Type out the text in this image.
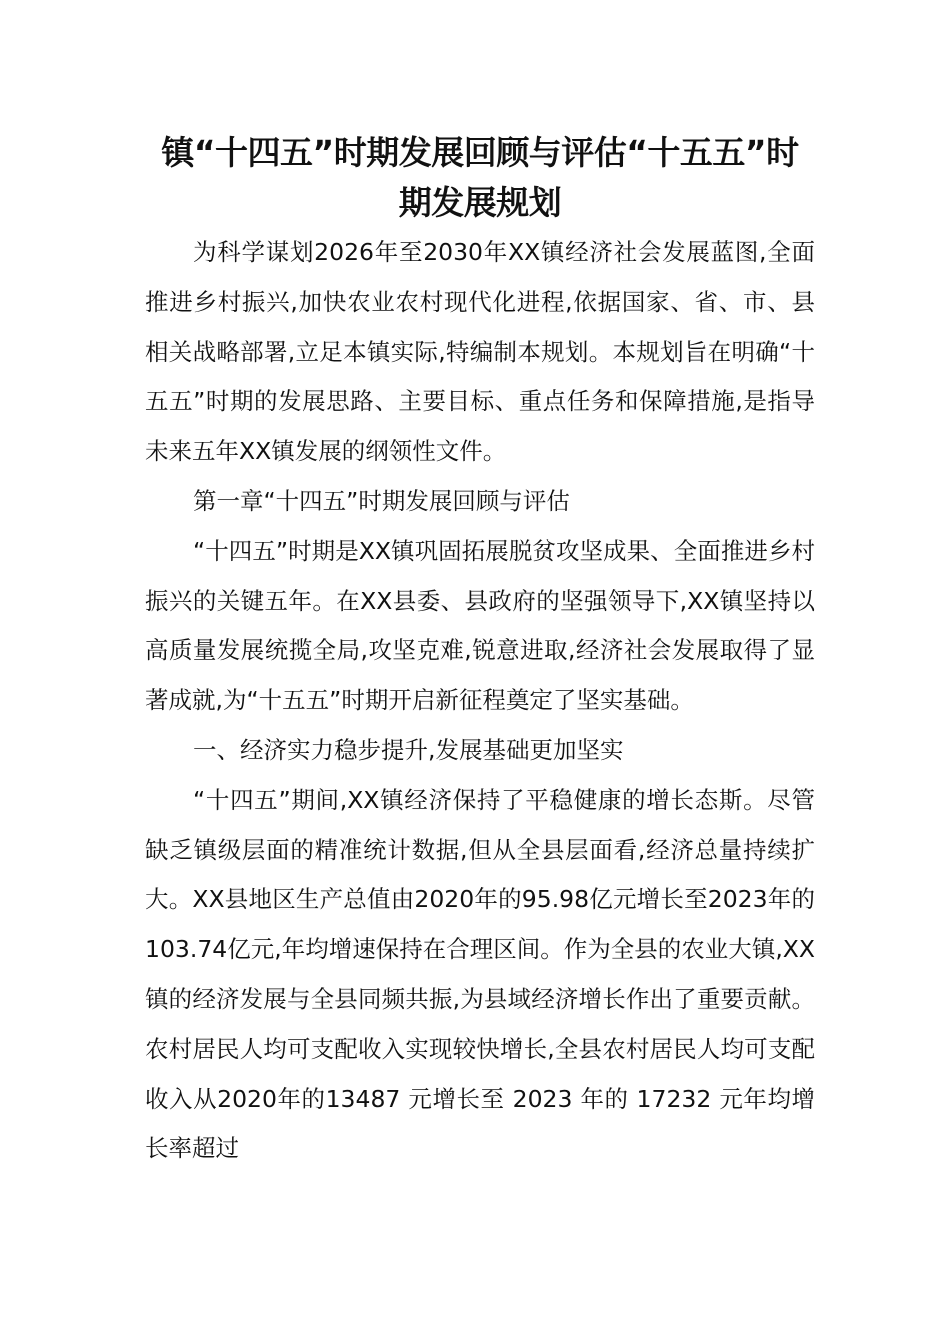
镇“十四五”时期发展回顾与评估“十五五”时
期发展规划

为科学谋划2026年至2030年XX镇经济社会发展蓝图,全面推进乡村振兴,加快农业农村现代化进程,依据国家、省、市、县相关战略部署,立足本镇实际,特编制本规划。本规划旨在明确“十五五”时期的发展思路、主要目标、重点任务和保障措施,是指导未来五年XX镇发展的纲领性文件。

第一章“十四五”时期发展回顾与评估

“十四五”时期是XX镇巩固拓展脱贫攻坚成果、全面推进乡村振兴的关键五年。在XX县委、县政府的坚强领导下,XX镇坚持以高质量发展统揽全局,攻坚克难,锐意进取,经济社会发展取得了显著成就,为“十五五”时期开启新征程奠定了坚实基础。

一、经济实力稳步提升,发展基础更加坚实

“十四五”期间,XX镇经济保持了平稳健康的增长态斯。尽管缺乏镇级层面的精准统计数据,但从全县层面看,经济总量持续扩大。XX县地区生产总值由2020年的95.98亿元增长至2023年的103.74亿元,年均增速保持在合理区间。作为全县的农业大镇,XX镇的经济发展与全县同频共振,为县域经济增长作出了重要贡献。农村居民人均可支配收入实现较快增长,全县农村居民人均可支配收入从2020年的13487 元增长至 2023 年的 17232 元年均增长率超过
